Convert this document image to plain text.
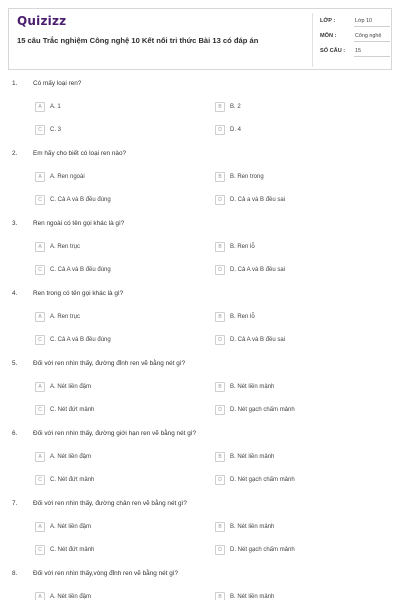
Quizizz
15 câu Trắc nghiệm Công nghệ 10 Kết nối tri thức Bài 13 có đáp án
LỚP :	Lớp 10
MÔN :	Công nghệ
SỐ CÂU : 15
1. Có mấy loại ren?
A	A. 1	B	B. 2
C	C. 3	D	D. 4
2. Em hãy cho biết có loại ren nào?
A	A. Ren ngoài	B	B. Ren trong
C	C. Cả A và B đều đúng	D	D. Cả a và B đều sai
3. Ren ngoài có tên gọi khác là gì?
A	A. Ren trục	B	B. Ren lỗ
C	C. Cả A và B đều đúng	D	D. Cả A và B đều sai
4. Ren trong có tên gọi khác là gì?
A	A. Ren trục	B	B. Ren lỗ
C	C. Cả A và B đều đúng	D	D. Cả A và B đều sai
5. Đối với ren nhìn thấy, đường đỉnh ren vẽ bằng nét gì?
A	A. Nét liền đậm	B	B. Nét liền mảnh
C	C. Nét đứt mảnh	D	D. Nét gạch chấm mảnh
6. Đối với ren nhìn thấy, đường giới hạn ren vẽ bằng nét gì?
A	A. Nét liền đậm	B	B. Nét liền mảnh
C	C. Nét đứt mảnh	D	D. Nét gạch chấm mảnh
7. Đối với ren nhìn thấy, đường chân ren vẽ bằng nét gì?
A	A. Nét liền đậm	B	B. Nét liền mảnh
C	C. Nét đứt mảnh	D	D. Nét gạch chấm mảnh
8. Đối với ren nhìn thấy,vòng đỉnh ren vẽ bằng nét gì?
A	A. Nét liền đậm	B	B. Nét liền mảnh
